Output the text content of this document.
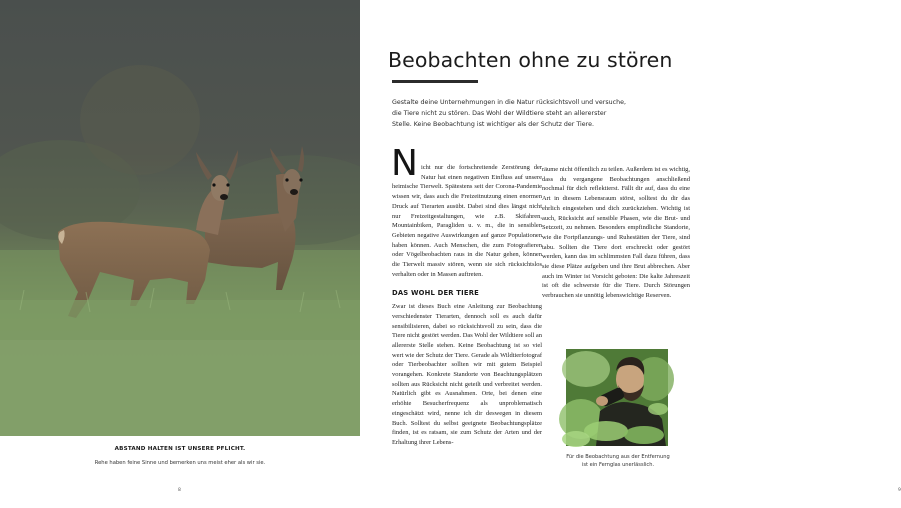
ABSTAND HALTEN IST UNSERE PFLICHT.
Rehe haben feine Sinne und bemerken uns meist eher als wir sie.
8
Beobachten ohne zu stören
Gestalte deine Unternehmungen in die Natur rücksichtsvoll und versuche,
die Tiere nicht zu stören. Das Wohl der Wildtiere steht an allererster
Stelle. Keine Beobachtung ist wichtiger als der Schutz der Tiere.
N icht nur die fortschreitende Zerstörung der Natur hat einen negativen Einfluss auf unsere heimische Tierwelt. Spätestens seit der Corona-Pandemie wissen wir, dass auch die Freizeitnutzung einen enormen Druck auf Tierarten ausübt. Dabei sind dies längst nicht nur Freizeitgestaltungen, wie z.B. Skifahren, Mountainbiken, Paragliden u. v. m., die in sensiblen Gebieten negative Auswirkungen auf ganze Populationen haben können. Auch Menschen, die zum Fotografieren oder Vögelbeobachten raus in die Natur gehen, können die Tierwelt massiv stören, wenn sie sich rücksichtslos verhalten oder in Massen auftreten.

DAS WOHL DER TIERE

Zwar ist dieses Buch eine Anleitung zur Beobachtung verschiedenster Tierarten, dennoch soll es auch dafür sensibilisieren, dabei so rücksichtsvoll zu sein, dass die Tiere nicht gestört werden. Das Wohl der Wildtiere soll an allererste Stelle stehen. Keine Beobachtung ist so viel wert wie der Schutz der Tiere. Gerade als Wildtierfotograf oder Tierbeobachter sollten wir mit gutem Beispiel vorangehen. Konkrete Standorte von Beachtungsplätzen sollten aus Rücksicht nicht geteilt und verbreitet werden. Natürlich gibt es Ausnahmen. Orte, bei denen eine erhöhte Besucherfrequenz als unproblematisch eingeschätzt wird, nenne ich dir deswegen in diesem Buch. Solltest du selbst geeignete Beobachtungsplätze finden, ist es ratsam, sie zum Schutz der Arten und der Erhaltung ihrer Lebens-

räume nicht öffentlich zu teilen. Außerdem ist es wichtig, dass du vergangene Beobachtungen anschließend nochmal für dich reflektierst. Fällt dir auf, dass du eine Art in diesem Lebensraum störst, solltest du dir das ehrlich eingestehen und dich zurückziehen. Wichtig ist auch, Rücksicht auf sensible Phasen, wie die Brut- und Setzzeit, zu nehmen. Besonders empfindliche Standorte, wie die Fortpflanzungs- und Ruhestätten der Tiere, sind tabu. Sollten die Tiere dort erschreckt oder gestört werden, kann das im schlimmsten Fall dazu führen, dass sie diese Plätze aufgeben und ihre Brut abbrechen. Aber auch im Winter ist Vorsicht geboten: Die kalte Jahreszeit ist oft die schwerste für die Tiere. Durch Störungen verbrauchen sie unnötig lebenswichtige Reserven.

Für die Beobachtung aus der Entfernung
ist ein Fernglas unerlässlich.
9
